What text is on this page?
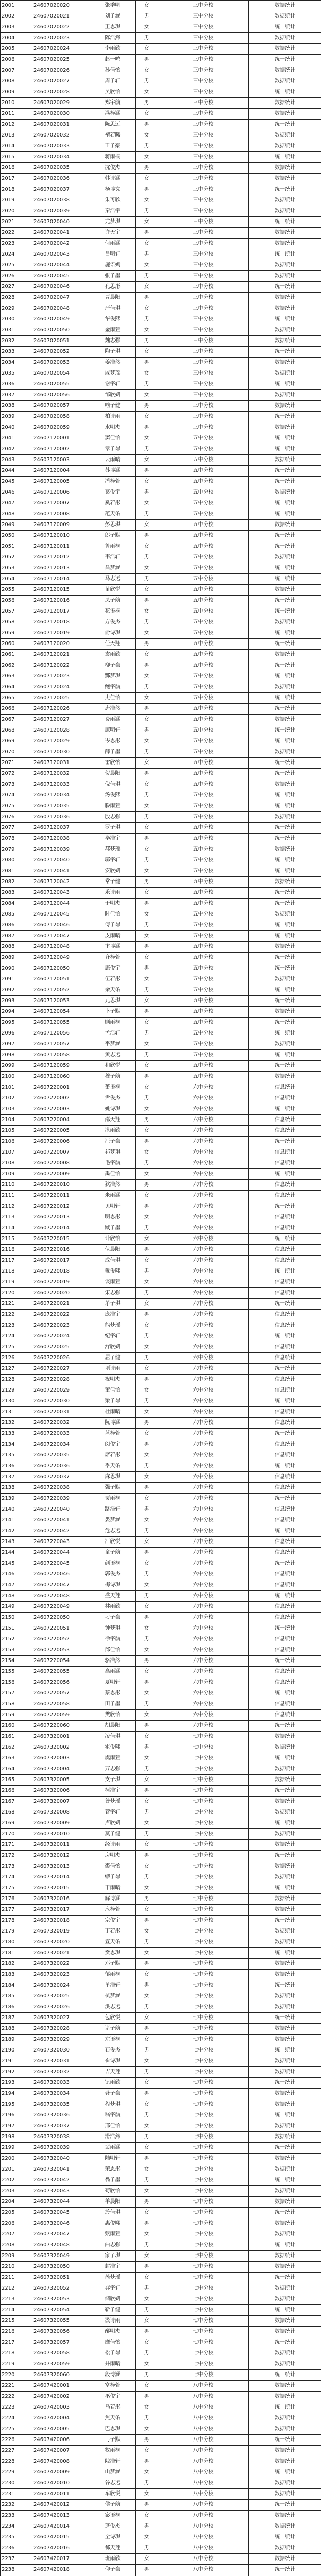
2001	24607020020	张季明	女	三中分校	数据统计
2002	24607020021	刘子涵	男	三中分校	数据统计
2003	24607020022	王思琪	女	三中分校	统一统计
2004	24607020023	陈浩然	男	三中分校	数据统计
2005	24607020024	李雨欣	女	三中分校	数据统计
2006	24607020025	赵一鸣	男	三中分校	统一统计
2007	24607020026	孙佳怡	女	三中分校	数据统计
2008	24607020027	周子轩	男	三中分校	数据统计
2009	24607020028	吴欣怡	女	三中分校	统一统计
2010	24607020029	郑宇航	男	三中分校	数据统计
2011	24607020030	冯梓涵	女	三中分校	数据统计
2012	24607020031	陈思远	男	三中分校	统一统计
2013	24607020032	褚若曦	女	三中分校	数据统计
2014	24607020033	卫子豪	男	三中分校	数据统计
2015	24607020034	蒋雨桐	女	三中分校	统一统计
2016	24607020035	沈俊杰	男	三中分校	数据统计
2017	24607020036	韩诗涵	女	三中分校	数据统计
2018	24607020037	杨博文	男	三中分校	统一统计
2019	24607020038	朱可欣	女	三中分校	数据统计
2020	24607020039	秦浩宇	男	三中分校	数据统计
2021	24607020040	尤梦琪	女	三中分校	统一统计
2022	24607020041	许天宇	男	三中分校	数据统计
2023	24607020042	何雨涵	女	三中分校	数据统计
2024	24607020043	吕明轩	男	三中分校	统一统计
2025	24607020044	施语嫣	女	三中分校	数据统计
2026	24607020045	张子墨	男	三中分校	数据统计
2027	24607020046	孔思彤	女	三中分校	统一统计
2028	24607020047	曹晨阳	男	三中分校	数据统计
2029	24607020048	严佳琪	女	三中分校	数据统计
2030	24607020049	华俊熙	男	三中分校	统一统计
2031	24607020050	金雨萱	女	三中分校	数据统计
2032	24607020051	魏志强	男	三中分校	数据统计
2033	24607020052	陶子琪	女	三中分校	统一统计
2034	24607020053	姜浩然	男	三中分校	数据统计
2035	24607020054	戚梦瑶	女	三中分校	数据统计
2036	24607020055	谢宇轩	男	三中分校	统一统计
2037	24607020056	邹欣妍	女	三中分校	数据统计
2038	24607020057	喻子健	男	三中分校	数据统计
2039	24607020058	柏诗雨	女	三中分校	统一统计
2040	24607020059	水明杰	男	三中分校	数据统计
2041	24607120001	窦佳怡	女	五中分校	统一统计
2042	24607120002	章子昂	男	五中分校	统一统计
2043	24607120003	云雨晴	女	五中分校	数据统计
2044	24607120004	苏博涵	男	五中分校	统一统计
2045	24607120005	潘梓萱	女	五中分校	统一统计
2046	24607120006	葛俊宇	男	五中分校	数据统计
2047	24607120007	奚若彤	女	五中分校	统一统计
2048	24607120008	范天佑	男	五中分校	统一统计
2049	24607120009	彭思琪	女	五中分校	数据统计
2050	24607120010	郎子默	男	五中分校	统一统计
2051	24607120011	鲁雨桐	女	五中分校	统一统计
2052	24607120012	韦浩轩	男	五中分校	数据统计
2053	24607120013	昌梦涵	女	五中分校	统一统计
2054	24607120014	马志远	男	五中分校	统一统计
2055	24607120015	苗欣悦	女	五中分校	数据统计
2056	24607120016	凤子航	男	五中分校	统一统计
2057	24607120017	花语桐	女	五中分校	统一统计
2058	24607120018	方俊杰	男	五中分校	数据统计
2059	24607120019	俞诗琪	女	五中分校	统一统计
2060	24607120020	任天翔	男	五中分校	统一统计
2061	24607120021	袁雨欣	女	五中分校	数据统计
2062	24607120022	柳子豪	男	五中分校	统一统计
2063	24607120023	酆梦琪	女	五中分校	统一统计
2064	24607120024	鲍宇航	男	五中分校	数据统计
2065	24607120025	史佳怡	女	五中分校	统一统计
2066	24607120026	唐浩然	男	五中分校	统一统计
2067	24607120027	费雨涵	女	五中分校	数据统计
2068	24607120028	廉明轩	男	五中分校	统一统计
2069	24607120029	岑思彤	女	五中分校	统一统计
2070	24607120030	薛子墨	男	五中分校	数据统计
2071	24607120031	雷欣怡	女	五中分校	统一统计
2072	24607120032	贺晨阳	男	五中分校	统一统计
2073	24607120033	倪佳琪	女	五中分校	数据统计
2074	24607120034	汤俊熙	男	五中分校	统一统计
2075	24607120035	滕雨萱	女	五中分校	统一统计
2076	24607120036	殷志强	男	五中分校	数据统计
2077	24607120037	罗子琪	女	五中分校	统一统计
2078	24607120038	毕浩宇	男	五中分校	统一统计
2079	24607120039	郝梦瑶	女	五中分校	数据统计
2080	24607120040	邬宇轩	男	五中分校	统一统计
2081	24607120041	安欣妍	女	五中分校	统一统计
2082	24607120042	常子健	男	五中分校	数据统计
2083	24607120043	乐诗雨	女	五中分校	统一统计
2084	24607120044	于明杰	男	五中分校	统一统计
2085	24607120045	时佳怡	女	五中分校	数据统计
2086	24607120046	傅子昂	男	五中分校	统一统计
2087	24607120047	皮雨晴	女	五中分校	统一统计
2088	24607120048	卞博涵	男	五中分校	数据统计
2089	24607120049	齐梓萱	女	五中分校	统一统计
2090	24607120050	康俊宇	男	五中分校	统一统计
2091	24607120051	伍若彤	女	五中分校	数据统计
2092	24607120052	余天佑	男	五中分校	统一统计
2093	24607120053	元思琪	女	五中分校	统一统计
2094	24607120054	卜子默	男	五中分校	数据统计
2095	24607120055	顾雨桐	女	五中分校	统一统计
2096	24607120056	孟浩轩	男	五中分校	统一统计
2097	24607120057	平梦涵	女	五中分校	数据统计
2098	24607120058	黄志远	男	五中分校	统一统计
2099	24607120059	和欣悦	女	五中分校	统一统计
2100	24607120060	穆子航	男	五中分校	数据统计
2101	24607220001	萧语桐	女	六中分校	信息统计
2102	24607220002	尹俊杰	男	六中分校	信息统计
2103	24607220003	姚诗琪	女	六中分校	统一统计
2104	24607220004	邵天翔	男	六中分校	信息统计
2105	24607220005	湛雨欣	女	六中分校	信息统计
2106	24607220006	汪子豪	男	六中分校	统一统计
2107	24607220007	祁梦琪	女	六中分校	信息统计
2108	24607220008	毛宇航	男	六中分校	信息统计
2109	24607220009	禹佳怡	女	六中分校	统一统计
2110	24607220010	狄浩然	男	六中分校	信息统计
2111	24607220011	米雨涵	女	六中分校	信息统计
2112	24607220012	贝明轩	男	六中分校	统一统计
2113	24607220013	明思彤	女	六中分校	信息统计
2114	24607220014	臧子墨	男	六中分校	信息统计
2115	24607220015	计欣怡	女	六中分校	统一统计
2116	24607220016	伏晨阳	男	六中分校	信息统计
2117	24607220017	成佳琪	女	六中分校	信息统计
2118	24607220018	戴俊熙	男	六中分校	统一统计
2119	24607220019	谈雨萱	女	六中分校	信息统计
2120	24607220020	宋志强	男	六中分校	信息统计
2121	24607220021	茅子琪	女	六中分校	统一统计
2122	24607220022	庞浩宇	男	六中分校	信息统计
2123	24607220023	熊梦瑶	女	六中分校	信息统计
2124	24607220024	纪宇轩	男	六中分校	统一统计
2125	24607220025	舒欣妍	女	六中分校	信息统计
2126	24607220026	屈子健	男	六中分校	信息统计
2127	24607220027	项诗雨	女	六中分校	统一统计
2128	24607220028	祝明杰	男	六中分校	信息统计
2129	24607220029	董佳怡	女	六中分校	信息统计
2130	24607220030	梁子昂	男	六中分校	统一统计
2131	24607220031	杜雨晴	女	六中分校	信息统计
2132	24607220032	阮博涵	男	六中分校	信息统计
2133	24607220033	蓝梓萱	女	六中分校	统一统计
2134	24607220034	闵俊宇	男	六中分校	信息统计
2135	24607220035	席若彤	女	六中分校	信息统计
2136	24607220036	季天佑	男	六中分校	统一统计
2137	24607220037	麻思琪	女	六中分校	信息统计
2138	24607220038	强子默	男	六中分校	信息统计
2139	24607220039	贾雨桐	女	六中分校	统一统计
2140	24607220040	路浩轩	男	六中分校	信息统计
2141	24607220041	娄梦涵	女	六中分校	信息统计
2142	24607220042	危志远	男	六中分校	统一统计
2143	24607220043	江欣悦	女	六中分校	信息统计
2144	24607220044	童子航	男	六中分校	信息统计
2145	24607220045	颜语桐	女	六中分校	统一统计
2146	24607220046	郭俊杰	男	六中分校	信息统计
2147	24607220047	梅诗琪	女	六中分校	信息统计
2148	24607220048	盛天翔	男	六中分校	统一统计
2149	24607220049	林雨欣	女	六中分校	信息统计
2150	24607220050	刁子豪	男	六中分校	信息统计
2151	24607220051	钟梦琪	女	六中分校	统一统计
2152	24607220052	徐宇航	男	六中分校	信息统计
2153	24607220053	邱佳怡	女	六中分校	信息统计
2154	24607220054	骆浩然	男	六中分校	统一统计
2155	24607220055	高雨涵	女	六中分校	信息统计
2156	24607220056	夏明轩	男	六中分校	信息统计
2157	24607220057	蔡思彤	女	六中分校	统一统计
2158	24607220058	田子墨	男	六中分校	信息统计
2159	24607220059	樊欣怡	女	六中分校	信息统计
2160	24607220060	胡晨阳	男	六中分校	统一统计
2161	24607320001	凌佳琪	女	七中分校	数据统计
2162	24607320002	霍俊熙	男	七中分校	数据统计
2163	24607320003	虞雨萱	女	七中分校	统一统计
2164	24607320004	万志强	男	七中分校	数据统计
2165	24607320005	支子琪	女	七中分校	数据统计
2166	24607320006	柯浩宇	男	七中分校	统一统计
2167	24607320007	昝梦瑶	女	七中分校	数据统计
2168	24607320008	管宇轩	男	七中分校	数据统计
2169	24607320009	卢欣妍	女	七中分校	统一统计
2170	24607320010	莫子健	男	七中分校	数据统计
2171	24607320011	经诗雨	女	七中分校	数据统计
2172	24607320012	房明杰	男	七中分校	统一统计
2173	24607320013	裘佳怡	女	七中分校	数据统计
2174	24607320014	缪子昂	男	七中分校	数据统计
2175	24607320015	干雨晴	女	七中分校	统一统计
2176	24607320016	解博涵	男	七中分校	数据统计
2177	24607320017	应梓萱	女	七中分校	数据统计
2178	24607320018	宗俊宇	男	七中分校	统一统计
2179	24607320019	丁若彤	女	七中分校	数据统计
2180	24607320020	宣天佑	男	七中分校	数据统计
2181	24607320021	贲思琪	女	七中分校	统一统计
2182	24607320022	邓子默	男	七中分校	数据统计
2183	24607320023	郁雨桐	女	七中分校	数据统计
2184	24607320024	单浩轩	男	七中分校	统一统计
2185	24607320025	杭梦涵	女	七中分校	数据统计
2186	24607320026	洪志远	男	七中分校	数据统计
2187	24607320027	包欣悦	女	七中分校	统一统计
2188	24607320028	诸子航	男	七中分校	数据统计
2189	24607320029	左语桐	女	七中分校	数据统计
2190	24607320030	石俊杰	男	七中分校	统一统计
2191	24607320031	崔诗琪	女	七中分校	数据统计
2192	24607320032	吉天翔	男	七中分校	数据统计
2193	24607320033	钮雨欣	女	七中分校	统一统计
2194	24607320034	龚子豪	男	七中分校	数据统计
2195	24607320035	程梦琪	女	七中分校	数据统计
2196	24607320036	嵇宇航	男	七中分校	统一统计
2197	24607320037	邢佳怡	女	七中分校	数据统计
2198	24607320038	滑浩然	男	七中分校	数据统计
2199	24607320039	裴雨涵	女	七中分校	统一统计
2200	24607320040	陆明轩	男	七中分校	数据统计
2201	24607320041	荣思彤	女	七中分校	数据统计
2202	24607320042	翁子墨	男	七中分校	统一统计
2203	24607320043	荀欣怡	女	七中分校	数据统计
2204	24607320044	羊晨阳	男	七中分校	数据统计
2205	24607320045	於佳琪	女	七中分校	统一统计
2206	24607320046	惠俊熙	男	七中分校	数据统计
2207	24607320047	甄雨萱	女	七中分校	数据统计
2208	24607320048	曲志强	男	七中分校	统一统计
2209	24607320049	家子琪	女	七中分校	数据统计
2210	24607320050	封浩宇	男	七中分校	数据统计
2211	24607320051	芮梦瑶	女	七中分校	统一统计
2212	24607320052	羿宇轩	男	七中分校	数据统计
2213	24607320053	储欣妍	女	七中分校	数据统计
2214	24607320054	靳子健	男	七中分校	统一统计
2215	24607320055	汲诗雨	女	七中分校	数据统计
2216	24607320056	邴明杰	男	七中分校	数据统计
2217	24607320057	糜佳怡	女	七中分校	统一统计
2218	24607320058	松子昂	男	七中分校	数据统计
2219	24607320059	井雨晴	女	七中分校	数据统计
2220	24607320060	段博涵	男	七中分校	统一统计
2221	24607420001	富梓萱	女	八中分校	数据统计
2222	24607420002	巫俊宇	男	八中分校	数据统计
2223	24607420003	乌若彤	女	八中分校	统一统计
2224	24607420004	焦天佑	男	八中分校	数据统计
2225	24607420005	巴思琪	女	八中分校	数据统计
2226	24607420006	弓子默	男	八中分校	统一统计
2227	24607420007	牧雨桐	女	八中分校	数据统计
2228	24607420008	隗浩轩	男	八中分校	数据统计
2229	24607420009	山梦涵	女	八中分校	统一统计
2230	24607420010	谷志远	男	八中分校	数据统计
2231	24607420011	车欣悦	女	八中分校	数据统计
2232	24607420012	侯子航	男	八中分校	统一统计
2233	24607420013	宓语桐	女	八中分校	数据统计
2234	24607420014	蓬俊杰	男	八中分校	数据统计
2235	24607420015	全诗琪	女	八中分校	统一统计
2236	24607420016	郗天翔	男	八中分校	数据统计
2237	24607420017	班雨欣	女	八中分校	数据统计
2238	24607420018	仰子豪	男	八中分校	统一统计
